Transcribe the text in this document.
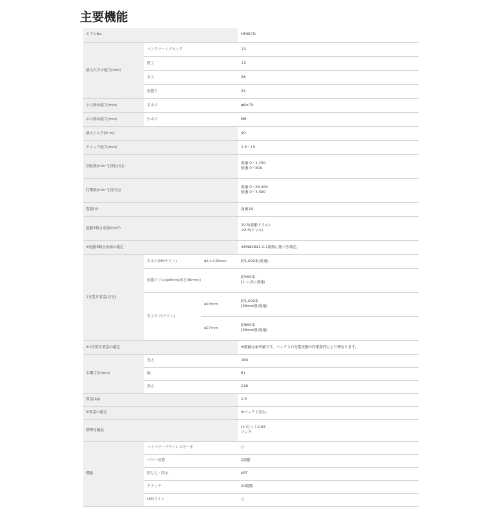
主要機能
モデルNo			HP487D
最大穴あけ能力(mm)	コンクリートブロック		13
	鉄工		13
	木工		36
	座掘り		35
ネジ締め能力(mm)	木ネジ		φ6×75
ネジ締め能力(mm)	小ネジ		M6
最大トルク(N･m)			40
チャック能力(mm)			1.5～13
回転数(min⁻¹[回転/分])			高速 0～1,700
低速 0～500

打撃数(min⁻¹[回/分])			高速 0～25,500
低速 0～7,500

電源(V)			直流18
振動3軸合成値(m/s²)			10.5(振動ドリル)
<2.5(ドリル)

※振動3軸合成値の確定			※EN62841-2-1規格に基づき測定。
1充電作業量(目安)	木ネジ(M6サワン)	φ4.1×38mm	約1,000本(高速)
	座掘ドリル(φ8mm(深さ38mm))		約500本
(レンガに高速)

	木工キリ(ツワン)	φ19mm	約1,000本
(30mm厚/高速)

		φ27mm	約600本
(30mm厚/高速)

※1充電作業量の確定			※数値は参考値です。バッテリの充電状態や作業条件により異なります。
本機寸法(mm)	長さ		164
	幅		81
	高さ		248
質量(kg)			1.9
※質量の確定			※バッテリ含む。
標準付属品			(+)ビット2-65
フック

機能	ハイパワーブラシレスモータ		○
	パワー切替		2段階
	防じん・防水		APT
	クラッチ		20段階
	LEDライト		○
